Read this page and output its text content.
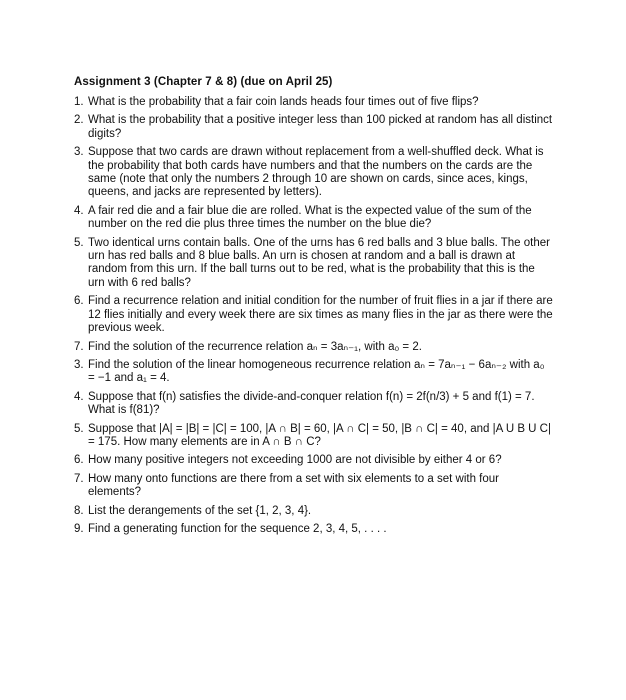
Assignment 3 (Chapter 7 & 8) (due on April 25)
1. What is the probability that a fair coin lands heads four times out of five flips?
2. What is the probability that a positive integer less than 100 picked at random has all distinct digits?
3. Suppose that two cards are drawn without replacement from a well-shuffled deck. What is the probability that both cards have numbers and that the numbers on the cards are the same (note that only the numbers 2 through 10 are shown on cards, since aces, kings, queens, and jacks are represented by letters).
4. A fair red die and a fair blue die are rolled. What is the expected value of the sum of the number on the red die plus three times the number on the blue die?
5. Two identical urns contain balls. One of the urns has 6 red balls and 3 blue balls. The other urn has red balls and 8 blue balls. An urn is chosen at random and a ball is drawn at random from this urn. If the ball turns out to be red, what is the probability that this is the urn with 6 red balls?
6. Find a recurrence relation and initial condition for the number of fruit flies in a jar if there are 12 flies initially and every week there are six times as many flies in the jar as there were the previous week.
7. Find the solution of the recurrence relation aₙ = 3aₙ₋₁, with a₀ = 2.
3. Find the solution of the linear homogeneous recurrence relation aₙ = 7aₙ₋₁ − 6aₙ₋₂ with a₀ = −1 and a₁ = 4.
4. Suppose that f(n) satisfies the divide-and-conquer relation f(n) = 2f(n/3) + 5 and f(1) = 7. What is f(81)?
5. Suppose that |A| = |B| = |C| = 100, |A ∩ B| = 60, |A ∩ C| = 50, |B ∩ C| = 40, and |A U B U C| = 175. How many elements are in A ∩ B ∩ C?
6. How many positive integers not exceeding 1000 are not divisible by either 4 or 6?
7. How many onto functions are there from a set with six elements to a set with four elements?
8. List the derangements of the set {1, 2, 3, 4}.
9. Find a generating function for the sequence 2, 3, 4, 5, . . . .
